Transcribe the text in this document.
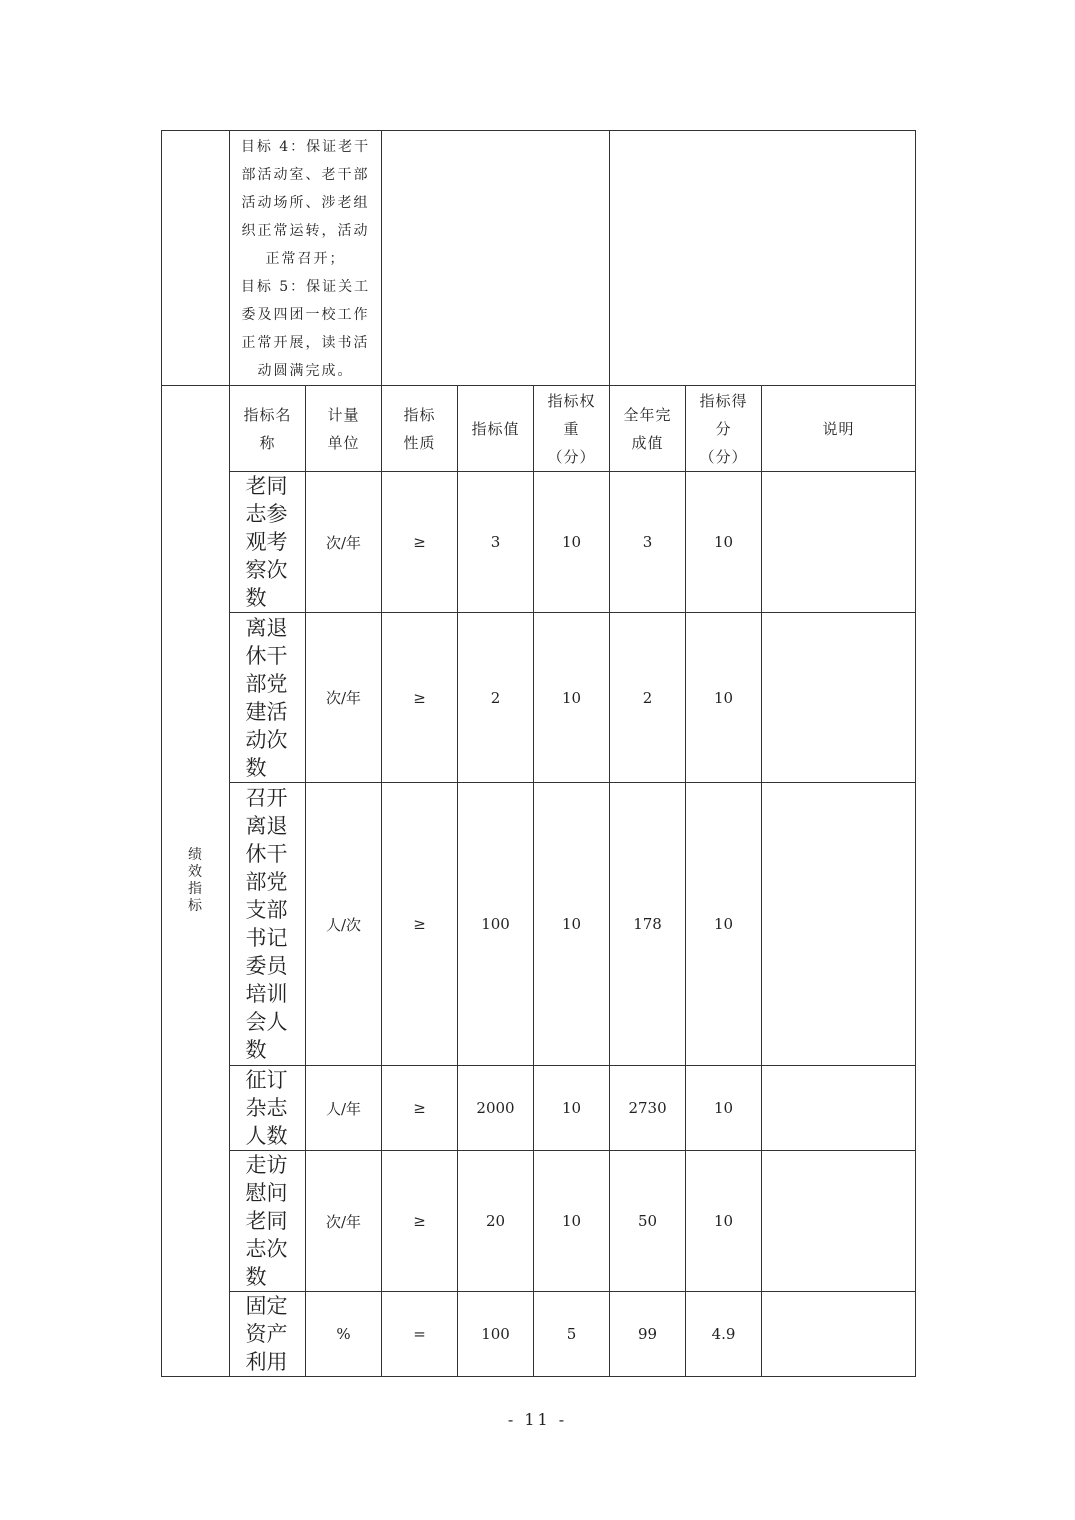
	目标 4：保证老干部活动室、老干部活动场所、涉老组织正常运转，活动正常召开；
目标 5：保证关工委及四团一校工作正常开展，读书活动圆满完成。							

绩效指标	指标名称	计量单位	指标性质	指标值	指标权重（分）	全年完成值	指标得分（分）	说明

	老同志参观考察次数	次/年	≥	3	10	3	10	

	离退休干部党建活动次数	次/年	≥	2	10	2	10	

	召开离退休干部党支部书记委员培训会人数	人/次	≥	100	10	178	10	

	征订杂志人数	人/年	≥	2000	10	2730	10	

	走访慰问老同志次数	次/年	≥	20	10	50	10	

	固定资产利用	%	=	100	5	99	4.9	
- 11 -
